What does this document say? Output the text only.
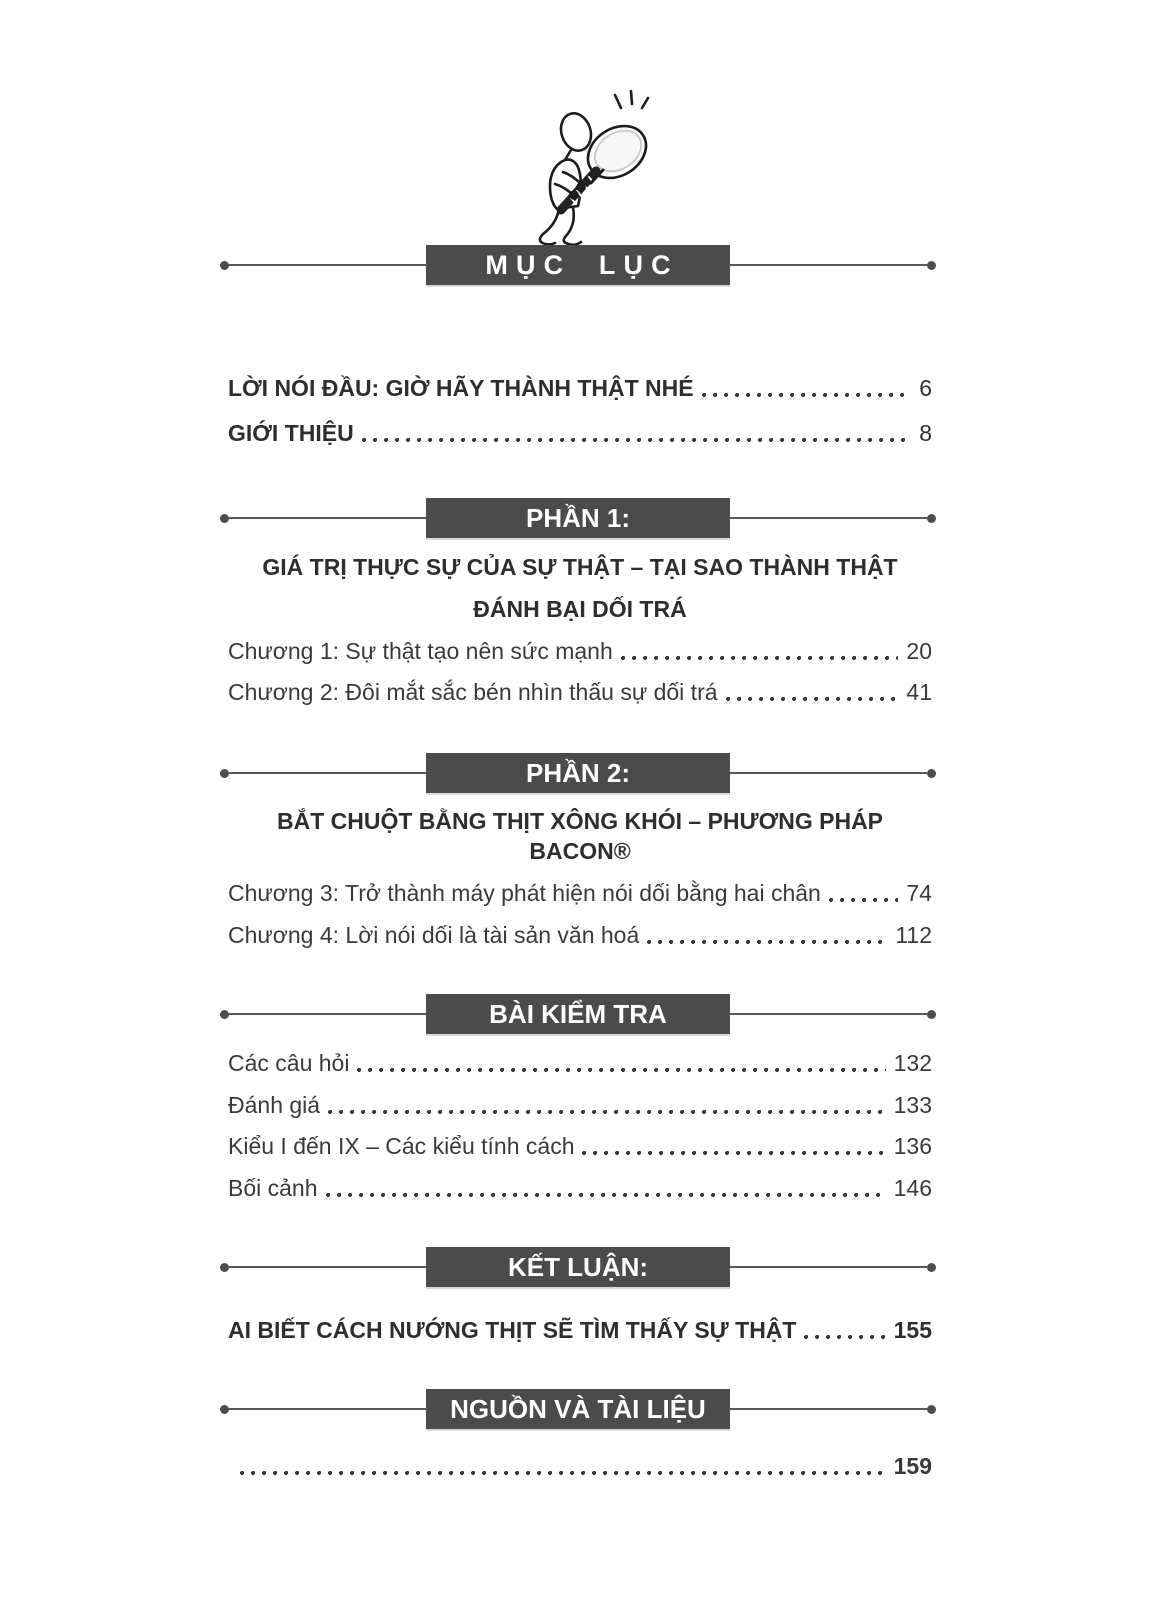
MỤC LỤC
LỜI NÓI ĐẦU: GIỜ HÃY THÀNH THẬT NHÉ	6
GIỚI THIỆU	8
PHẦN 1:
GIÁ TRỊ THỰC SỰ CỦA SỰ THẬT – TẠI SAO THÀNH THẬT
ĐÁNH BẠI DỐI TRÁ
Chương 1: Sự thật tạo nên sức mạnh	20
Chương 2: Đôi mắt sắc bén nhìn thấu sự dối trá	41
PHẦN 2:
BẮT CHUỘT BẰNG THỊT XÔNG KHÓI – PHƯƠNG PHÁP BACON®
Chương 3: Trở thành máy phát hiện nói dối bằng hai chân	74
Chương 4: Lời nói dối là tài sản văn hoá	112
BÀI KIỂM TRA
Các câu hỏi	132
Đánh giá	133
Kiểu I đến IX – Các kiểu tính cách	136
Bối cảnh	146
KẾT LUẬN:
AI BIẾT CÁCH NƯỚNG THỊT SẼ TÌM THẤY SỰ THẬT	155
NGUỒN VÀ TÀI LIỆU
159
